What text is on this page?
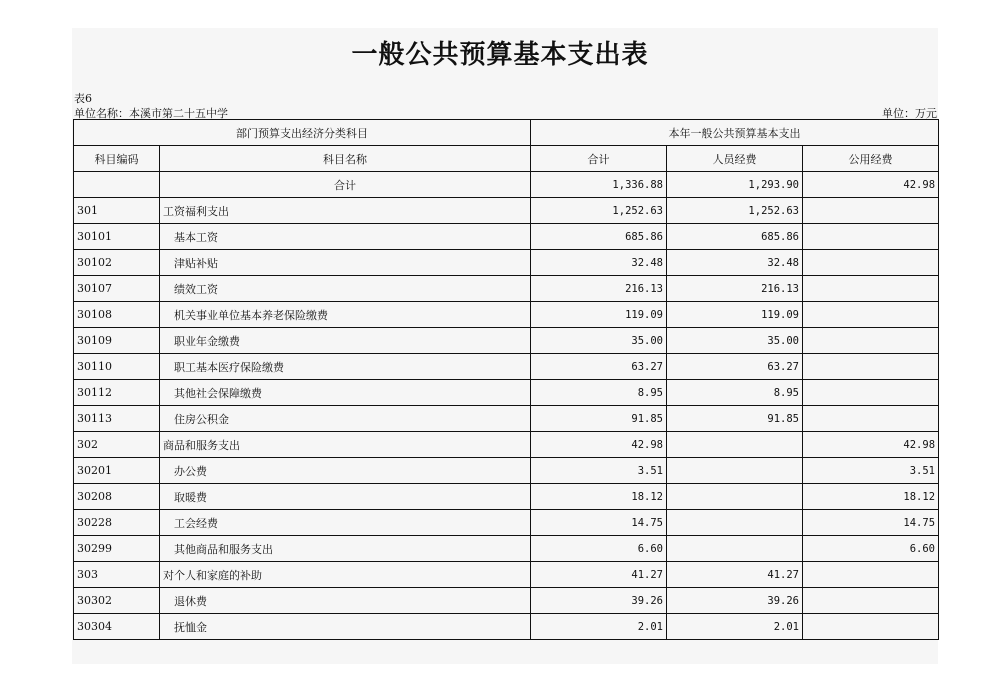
一般公共预算基本支出表
表6
单位名称：本溪市第二十五中学	单位：万元
部门预算支出经济分类科目		本年一般公共预算基本支出		
科目编码	科目名称	合计	人员经费	公用经费
	合计	1,336.88	1,293.90	42.98
301	工资福利支出	1,252.63	1,252.63	
30101	基本工资	685.86	685.86	
30102	津贴补贴	32.48	32.48	
30107	绩效工资	216.13	216.13	
30108	机关事业单位基本养老保险缴费	119.09	119.09	
30109	职业年金缴费	35.00	35.00	
30110	职工基本医疗保险缴费	63.27	63.27	
30112	其他社会保障缴费	8.95	8.95	
30113	住房公积金	91.85	91.85	
302	商品和服务支出	42.98		42.98
30201	办公费	3.51		3.51
30208	取暖费	18.12		18.12
30228	工会经费	14.75		14.75
30299	其他商品和服务支出	6.60		6.60
303	对个人和家庭的补助	41.27	41.27	
30302	退休费	39.26	39.26	
30304	抚恤金	2.01	2.01	
